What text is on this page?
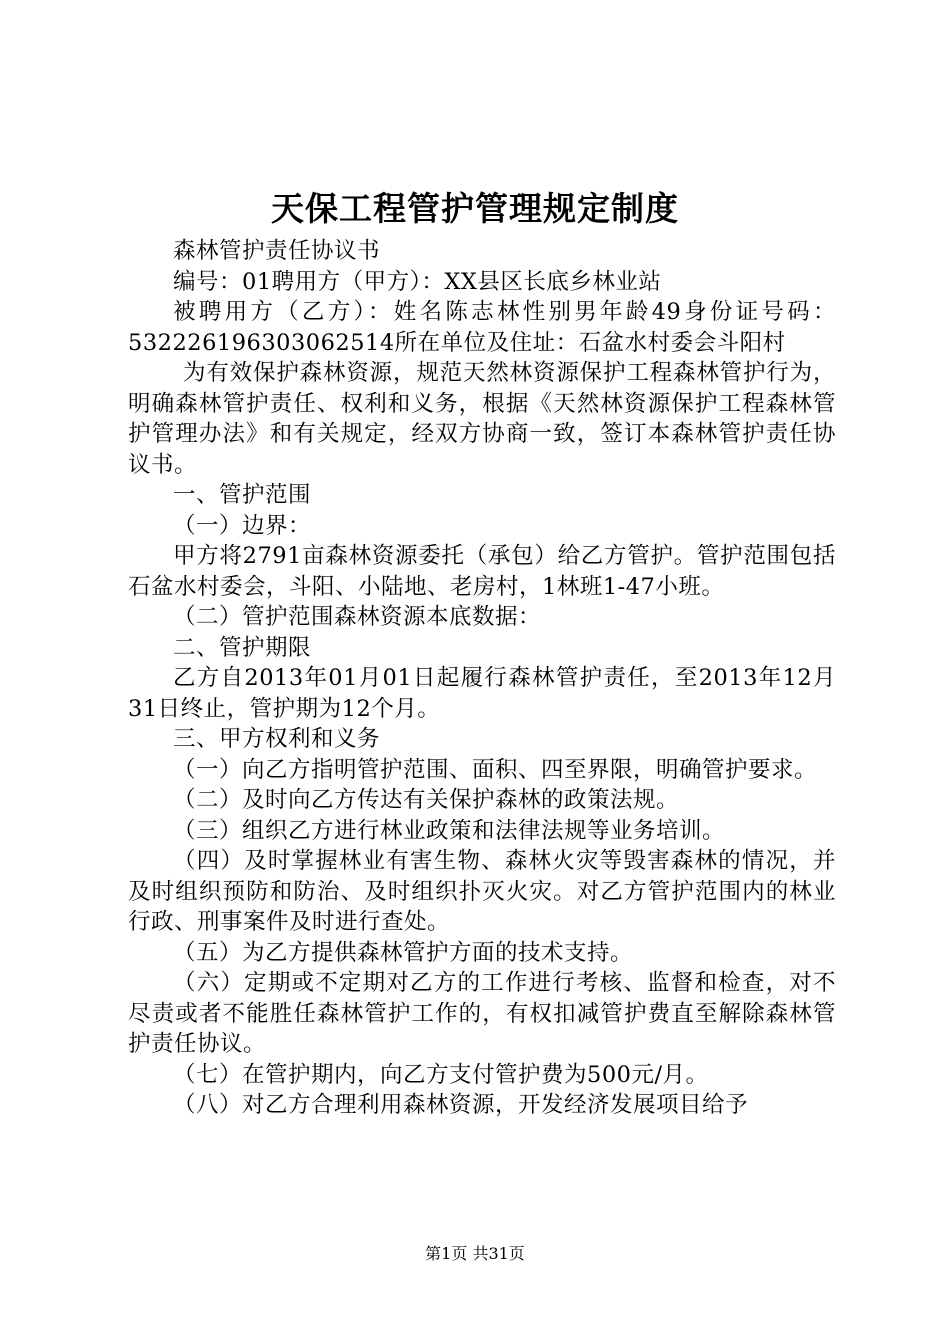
天保工程管护管理规定制度

森林管护责任协议书

编号：01聘用方（甲方）：XX县区长底乡林业站

被聘用方（乙方）：姓名陈志林性别男年龄49身份证号码：532226196303062514所在单位及住址：石盆水村委会斗阳村

为有效保护森林资源，规范天然林资源保护工程森林管护行为，明确森林管护责任、权利和义务，根据《天然林资源保护工程森林管护管理办法》和有关规定，经双方协商一致，签订本森林管护责任协议书。

一、管护范围

（一）边界：

甲方将2791亩森林资源委托（承包）给乙方管护。管护范围包括石盆水村委会，斗阳、小陆地、老房村，1林班1-47小班。

（二）管护范围森林资源本底数据：

二、管护期限

乙方自2013年01月01日起履行森林管护责任，至2013年12月31日终止，管护期为12个月。

三、甲方权利和义务

（一）向乙方指明管护范围、面积、四至界限，明确管护要求。

（二）及时向乙方传达有关保护森林的政策法规。

（三）组织乙方进行林业政策和法律法规等业务培训。

（四）及时掌握林业有害生物、森林火灾等毁害森林的情况，并及时组织预防和防治、及时组织扑灭火灾。对乙方管护范围内的林业行政、刑事案件及时进行查处。

（五）为乙方提供森林管护方面的技术支持。

（六）定期或不定期对乙方的工作进行考核、监督和检查，对不尽责或者不能胜任森林管护工作的，有权扣减管护费直至解除森林管护责任协议。

（七）在管护期内，向乙方支付管护费为500元/月。

（八）对乙方合理利用森林资源，开发经济发展项目给予

第1页 共31页
